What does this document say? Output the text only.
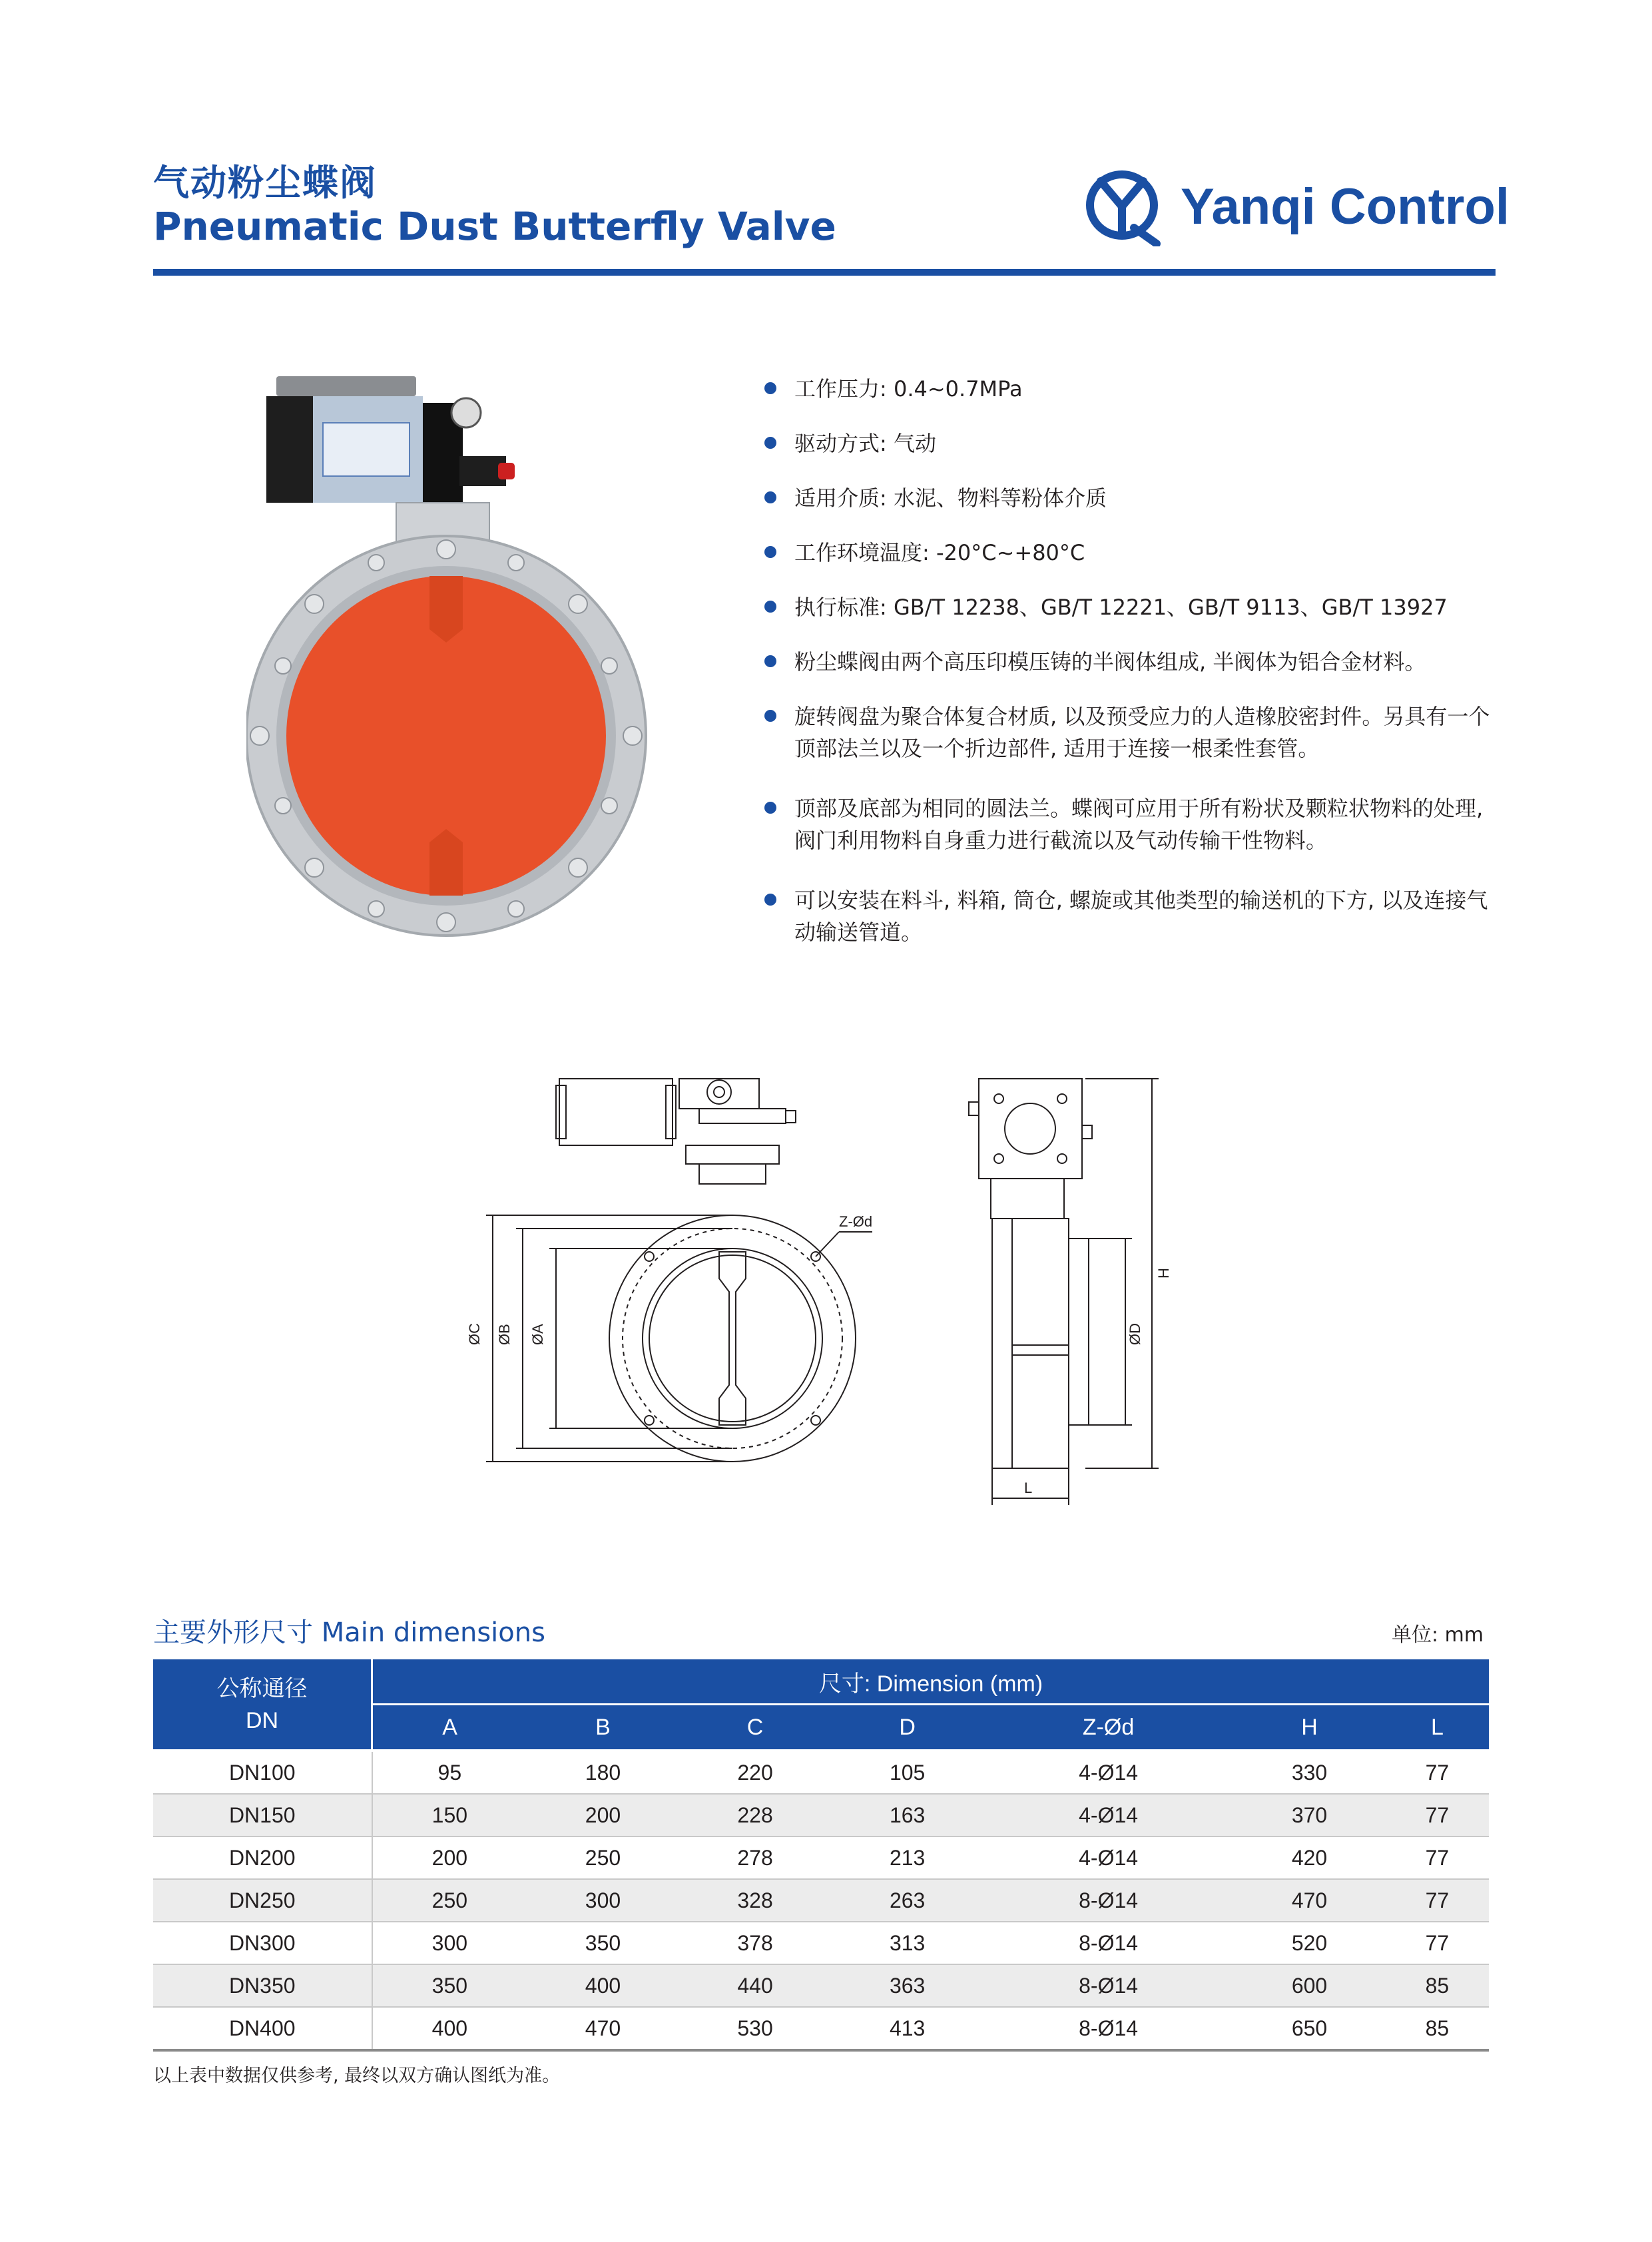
气动粉尘蝶阀
Pneumatic Dust Butterfly Valve	Yanqi Control
工作压力: 0.4~0.7MPa
驱动方式: 气动
适用介质: 水泥、物料等粉体介质
工作环境温度: -20°C~+80°C
执行标准: GB/T 12238、GB/T 12221、GB/T 9113、GB/T 13927
粉尘蝶阀由两个高压印模压铸的半阀体组成, 半阀体为铝合金材料。
旋转阀盘为聚合体复合材质, 以及预受应力的人造橡胶密封件。另具有一个顶部法兰以及一个折边部件, 适用于连接一根柔性套管。
顶部及底部为相同的圆法兰。蝶阀可应用于所有粉状及颗粒状物料的处理, 阀门利用物料自身重力进行截流以及气动传输干性物料。
可以安装在料斗, 料箱, 筒仓, 螺旋或其他类型的输送机的下方, 以及连接气动输送管道。
Z-Ød
ØC ØB ØA
H
ØD
L
主要外形尺寸 Main dimensions	单位: mm
公称通径
DN	尺寸: Dimension (mm)						
	A	B	C	D	Z-Ød	H	L
DN100	95	180	220	105	4-Ø14	330	77
DN150	150	200	228	163	4-Ø14	370	77
DN200	200	250	278	213	4-Ø14	420	77
DN250	250	300	328	263	8-Ø14	470	77
DN300	300	350	378	313	8-Ø14	520	77
DN350	350	400	440	363	8-Ø14	600	85
DN400	400	470	530	413	8-Ø14	650	85
以上表中数据仅供参考, 最终以双方确认图纸为准。
